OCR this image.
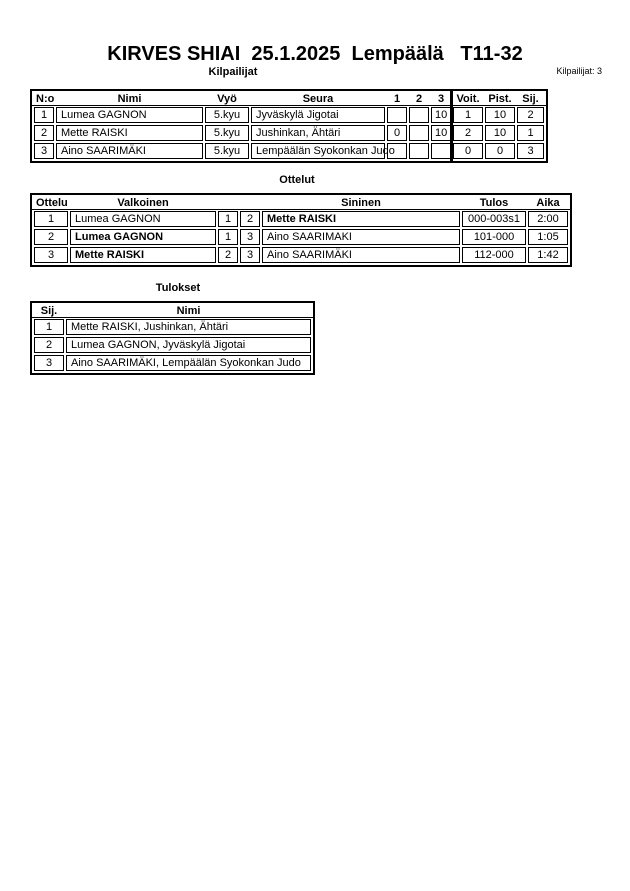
KIRVES SHIAI  25.1.2025  Lempäälä   T11-32
Kilpailijat: 3
Kilpailijat
N:o	Nimi	Vyö	Seura	1	2	3	Voit.	Pist.	Sij.
1	Lumea GAGNON	5.kyu	Jyväskylä Jigotai			10	1	10	2
2	Mette RAISKI	5.kyu	Jushinkan, Ähtäri	0		10	2	10	1
3	Aino SAARIMÄKI	5.kyu	Lempäälän Syokonkan Judo				0	0	3
Ottelut
Ottelu	Valkoinen			Sininen	Tulos	Aika
1	Lumea GAGNON	1	2	Mette RAISKI	000-003s1	2:00
2	Lumea GAGNON	1	3	Aino SAARIMAKI	101-000	1:05
3	Mette RAISKI	2	3	Aino SAARIMÄKI	112-000	1:42
Tulokset
Sij.	Nimi
1	Mette RAISKI, Jushinkan, Ähtäri
2	Lumea GAGNON, Jyväskylä Jigotai
3	Aino SAARIMÄKI, Lempäälän Syokonkan Judo
